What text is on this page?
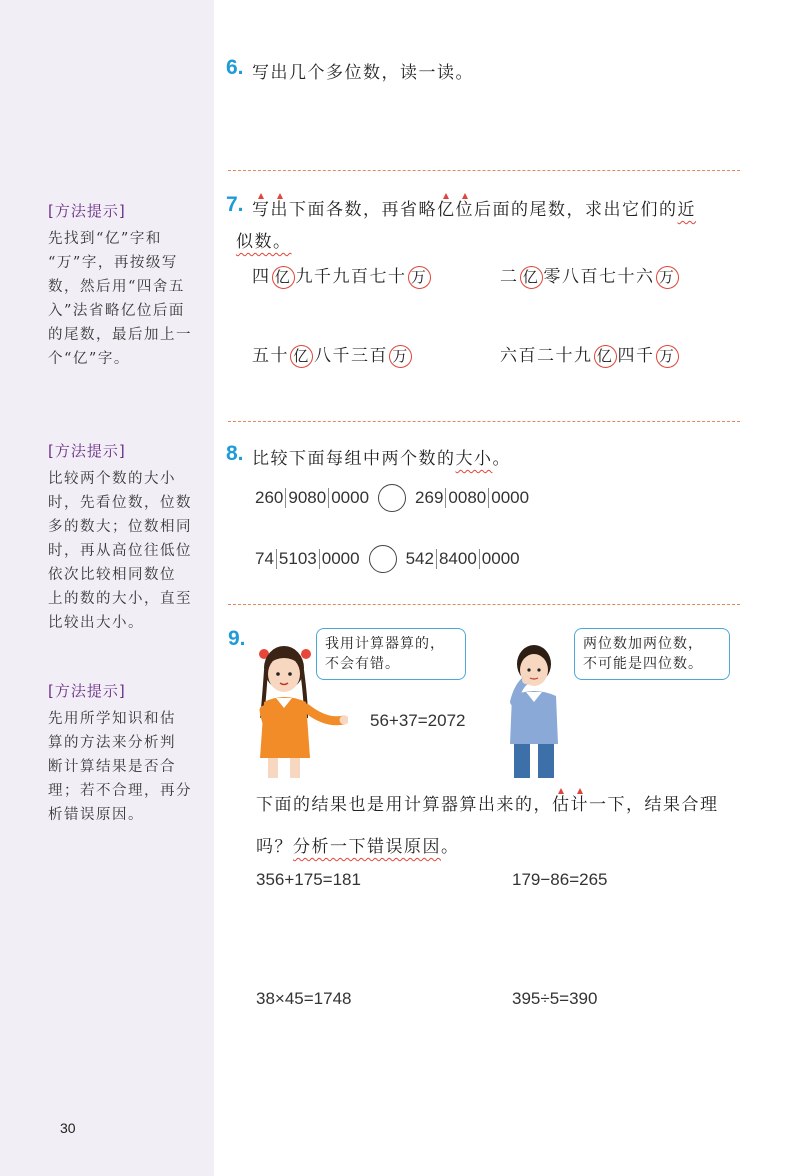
[方法提示]
先找到“亿”字和
“万”字，再按级写
数，然后用“四舍五
入”法省略亿位后面
的尾数，最后加上一
个“亿”字。
[方法提示]
比较两个数的大小
时，先看位数，位数
多的数大；位数相同
时，再从高位往低位
依次比较相同数位
上的数的大小，直至
比较出大小。
[方法提示]
先用所学知识和估
算的方法来分析判
断计算结果是否合
理；若不合理，再分
析错误原因。
30
6. 写出几个多位数，读一读。
7. 写出下面各数，再省略亿位后面的尾数，求出它们的近
似数。
四 亿 九千九百七十 万	二 亿 零八百七十六 万
五十 亿 八千三百 万	六百二十九 亿 四千 万
8. 比较下面每组中两个数的大小。
260 9080 0000	269 0080 0000
74 5103 0000	542 8400 0000
9.	我用计算器算的，
不会有错。
56+37=2072
两位数加两位数，
不可能是四位数。
下面的结果也是用计算器算出来的，估计一下，结果合理
吗？分析一下错误原因。
356+175=181	179−86=265
38×45=1748	395÷5=390
